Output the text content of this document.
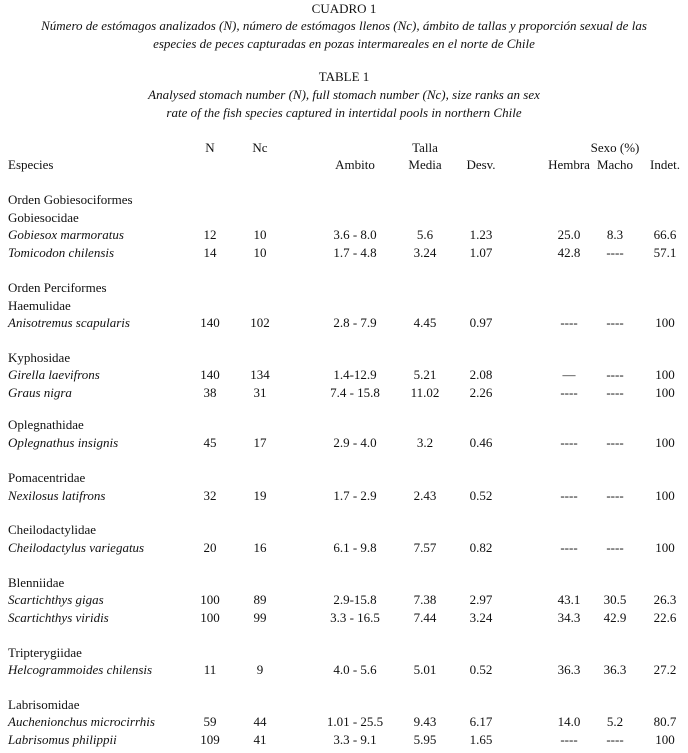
CUADRO 1
Número de estómagos analizados (N), número de estómagos llenos (Nc), ámbito de tallas y proporción sexual de las
especies de peces capturadas en pozas intermareales en el norte de Chile
TABLE 1
Analysed stomach number (N), full stomach number (Nc), size ranks an sex
rate of the fish species captured in intertidal pools in northern Chile
N	Nc	Talla	Sexo (%)
Especies	Ambito	Media Desv.	Hembra Macho Indet.
Orden Gobiesociformes
Gobiesocidae
Gobiesox marmoratus	12	10	3.6 - 8.0	5.6	1.23	25.0 8.3 66.6
Tomicodon chilensis	14	10	1.7 - 4.8	3.24	1.07	42.8 ---- 57.1
Orden Perciformes
Haemulidae
Anisotremus scapularis	140 102	2.8 - 7.9	4.45	0.97	---- ---- 100
Kyphosidae
Girella laevifrons	140 134	1.4-12.9	5.21	2.08	— ---- 100
Graus nigra	38	31	7.4 - 15.8 11.02 2.26	---- ---- 100
Oplegnathidae
Oplegnathus insignis	45	17	2.9 - 4.0	3.2	0.46	---- ---- 100
Pomacentridae
Nexilosus latifrons	32	19	1.7 - 2.9	2.43	0.52	---- ---- 100
Cheilodactylidae
Cheilodactylus variegatus	20	16	6.1 - 9.8	7.57	0.82	---- ---- 100
Blenniidae
Scartichthys gigas	100	89	2.9-15.8	7.38	2.97	43.1 30.5 26.3
Scartichthys viridis	100	99	3.3 - 16.5	7.44	3.24	34.3 42.9 22.6
Tripterygiidae
Helcogrammoides chilensis	11	9	4.0 - 5.6	5.01	0.52	36.3 36.3 27.2
Labrisomidae
Auchenionchus microcirrhis	59	44	1.01 - 25.5 9.43	6.17	14.0 5.2 80.7
Labrisomus philippii	109	41	3.3 - 9.1	5.95	1.65	---- ---- 100
